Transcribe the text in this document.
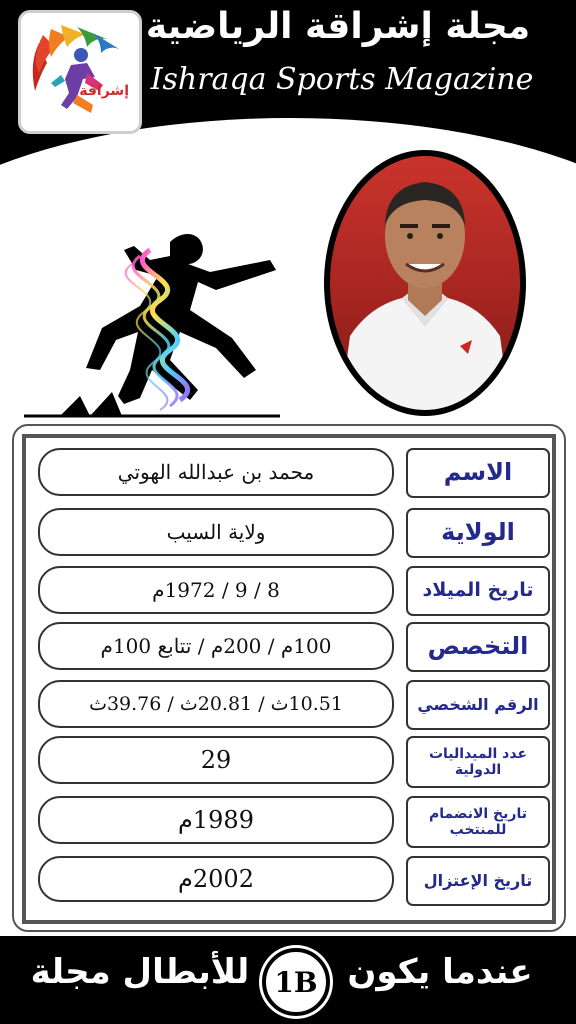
إشراقة
مجلة إشراقة الرياضية
Ishraqa Sports Magazine
محمد بن عبدالله الهوتي	الاسم
ولاية السيب	الولاية
8 / 9 / 1972م	تاريخ الميلاد
100م / 200م / تتابع 100م	التخصص
10.51ث / 20.81ث / 39.76ث	الرقم الشخصي
29	عدد الميداليات الدولية
1989م	تاريخ الانضمام للمنتخب
2002م	تاريخ الإعتزال
عندما يكون
1B
للأبطال مجلة
